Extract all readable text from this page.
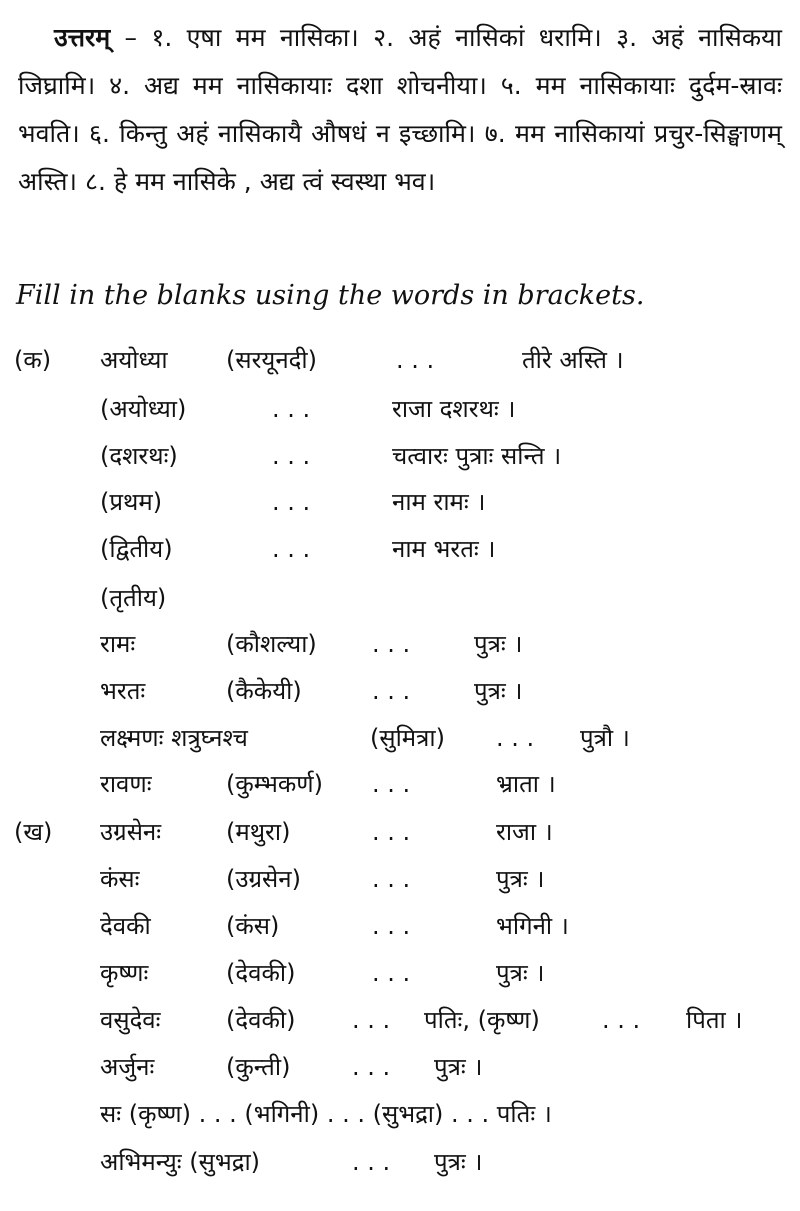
उत्तरम् – १. एषा मम नासिका। २. अहं नासिकां धरामि। ३. अहं नासिकया जिघ्रामि। ४. अद्य मम नासिकायाः दशा शोचनीया। ५. मम नासिकायाः दुर्दम-स्रावः भवति। ६. किन्तु अहं नासिकायै औषधं न इच्छामि। ७. मम नासिकायां प्रचुर-सिङ्घाणम् अस्ति। ८. हे मम नासिके , अद्य त्वं स्वस्था भव।
Fill in the blanks using the words in brackets.
(क) अयोध्या (सरयूनदी)	. . .	तीरे अस्ति ।
(अयोध्या)	. . .	राजा दशरथः ।
(दशरथः)	. . .	चत्वारः पुत्राः सन्ति ।
(प्रथम)	. . .	नाम रामः ।
(द्वितीय)	. . .	नाम भरतः ।
(तृतीय)
रामः	(कौशल्या) . . .	पुत्रः ।
भरतः	(कैकेयी)	. . .	पुत्रः ।
लक्ष्मणः शत्रुघ्नश्च	(सुमित्रा) . . . पुत्रौ ।
रावणः	(कुम्भकर्ण) . . .	भ्राता ।
(ख) उग्रसेनः	(मथुरा)	. . .	राजा ।
कंसः	(उग्रसेन)	. . .	पुत्रः ।
देवकी	(कंस)	. . .	भगिनी ।
कृष्णः	(देवकी)	. . .	पुत्रः ।
वसुदेवः	(देवकी) . . . पतिः, (कृष्ण)	. . . पिता ।
अर्जुनः	(कुन्ती)	. . . पुत्रः ।
सः (कृष्ण) . . . (भगिनी) . . . (सुभद्रा) . . . पतिः ।
अभिमन्युः (सुभद्रा)	. . . पुत्रः ।
